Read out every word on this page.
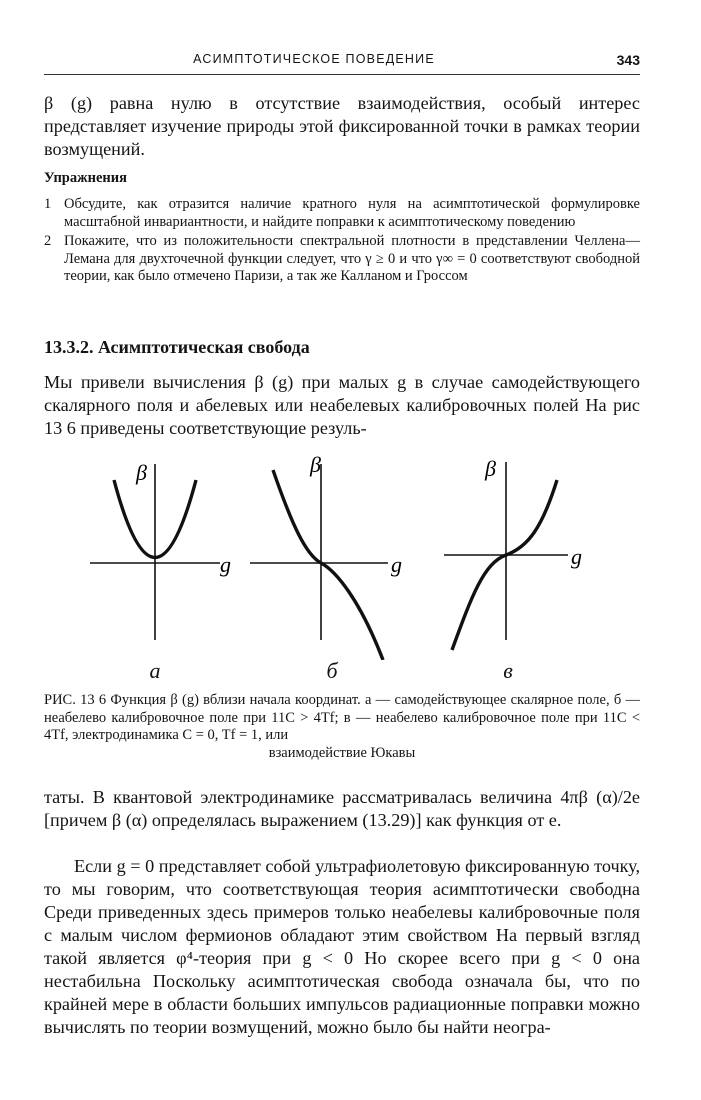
АСИМПТОТИЧЕСКОЕ ПОВЕДЕНИЕ	343

β (g) равна нулю в отсутствие взаимодействия, особый интерес представляет изучение природы этой фиксированной точки в рамках теории возмущений.

Упражнения
1 Обсудите, как отразится наличие кратного нуля на асимптотической формулировке масштабной инвариантности, и найдите поправки к асимптотическому поведению
2 Покажите, что из положительности спектральной плотности в представлении Челлена—Лемана для двухточечной функции следует, что γ ≥ 0 и что γ∞ = 0 соответствуют свободной теории, как было отмечено Паризи, а так же Калланом и Гроссом
13.3.2. Асимптотическая свобода

Мы привели вычисления β (g) при малых g в случае самодействующего скалярного поля и абелевых или неабелевых калибровочных полей На рис 13 6 приведены соответствующие резуль-

β
g
β
g
β
g
а	б	в
РИС. 13 6 Функция β (g) вблизи начала координат. а — самодействующее скалярное поле, б — неабелево калибровочное поле при 11C > 4Tf; в — неабелево калибровочное поле при 11C < 4Tf, электродинамика C = 0, Tf = 1, или
взаимодействие Юкавы

таты. В квантовой электродинамике рассматривалась величина 4πβ (α)/2e [причем β (α) определялась выражением (13.29)] как функция от e.

Если g = 0 представляет собой ультрафиолетовую фиксированную точку, то мы говорим, что соответствующая теория асимптотически свободна Среди приведенных здесь примеров только неабелевы калибровочные поля с малым числом фермионов обладают этим свойством На первый взгляд такой является φ⁴-теория при g < 0 Но скорее всего при g < 0 она нестабильна Поскольку асимптотическая свобода означала бы, что по крайней мере в области больших импульсов радиационные поправки можно вычислять по теории возмущений, можно было бы найти неогра-
